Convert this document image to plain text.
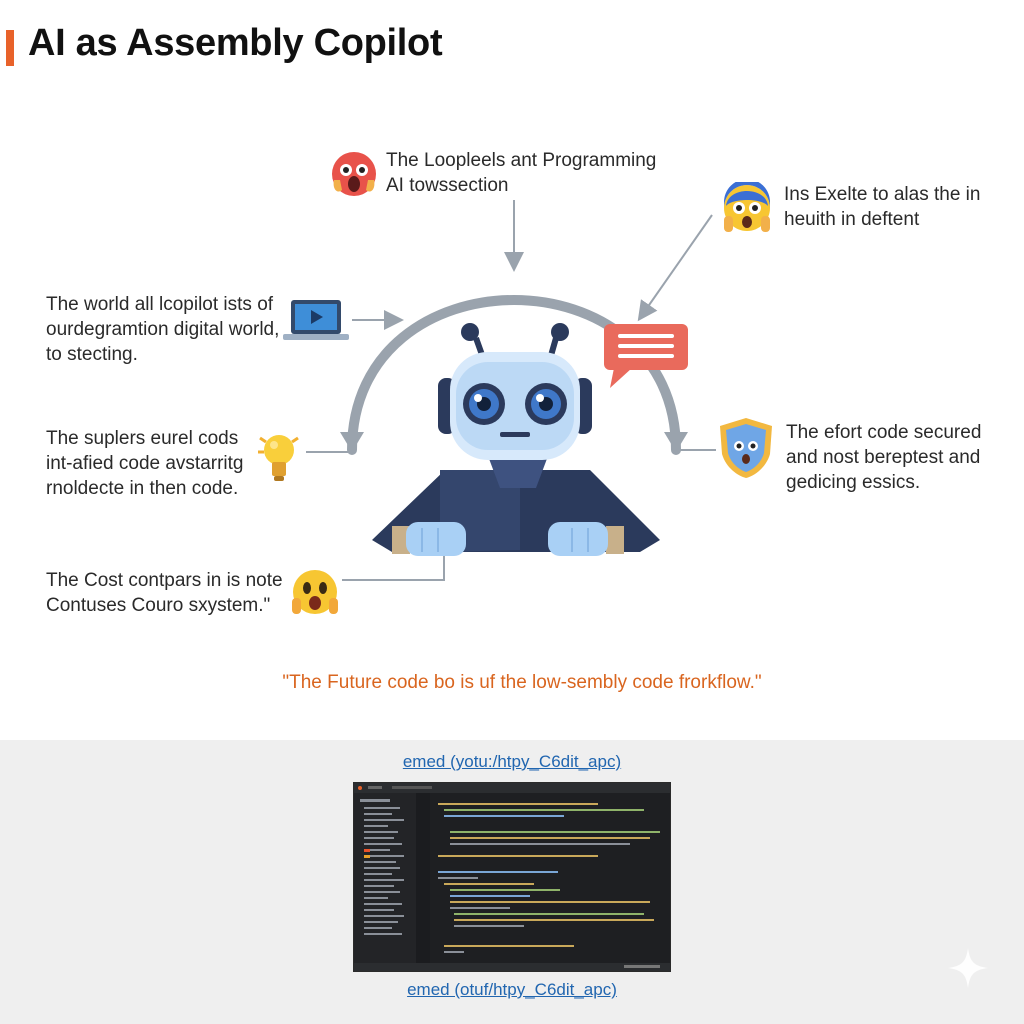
AI as Assembly Copilot
The Loopleels ant Programming
AI towssection	Ins Exelte to alas the in
heuith in deftent
The world all lcopilot ists of
ourdegramtion digital world,
to stecting.
The suplers eurel cods
int-afied code avstarritg
rnoldecte in then code.
The Cost contpars in is note
Contuses Couro sxystem."
The efort code secured
and nost bereptest and
gedicing essics.
"The Future code bo is uf the low-sembly code frorkflow."
emed (yotu:/htpy_C6dit_apc)
emed (otuf/htpy_C6dit_apc)
